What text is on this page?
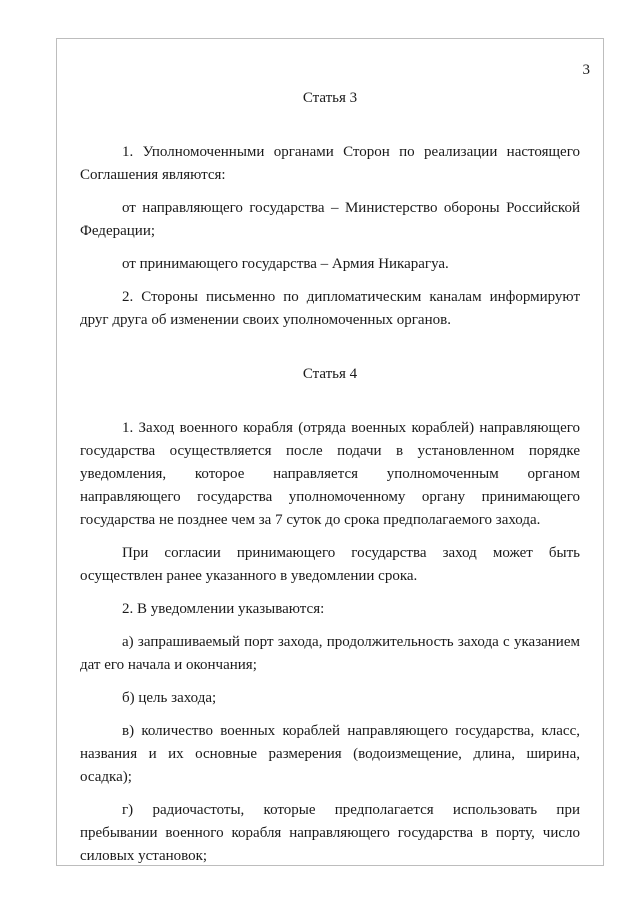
3

Статья 3

1. Уполномоченными органами Сторон по реализации настоящего Соглашения являются:

от направляющего государства – Министерство обороны Российской Федерации;

от принимающего государства – Армия Никарагуа.

2. Стороны письменно по дипломатическим каналам информируют друг друга об изменении своих уполномоченных органов.

Статья 4

1. Заход военного корабля (отряда военных кораблей) направляющего государства осуществляется после подачи в установленном порядке уведомления, которое направляется уполномоченным органом направляющего государства уполномоченному органу принимающего государства не позднее чем за 7 суток до срока предполагаемого захода.

При согласии принимающего государства заход может быть осуществлен ранее указанного в уведомлении срока.

2. В уведомлении указываются:

а) запрашиваемый порт захода, продолжительность захода с указанием дат его начала и окончания;

б) цель захода;

в) количество военных кораблей направляющего государства, класс, названия и их основные размерения (водоизмещение, длина, ширина, осадка);

г) радиочастоты, которые предполагается использовать при пребывании военного корабля направляющего государства в порту, число силовых установок;
